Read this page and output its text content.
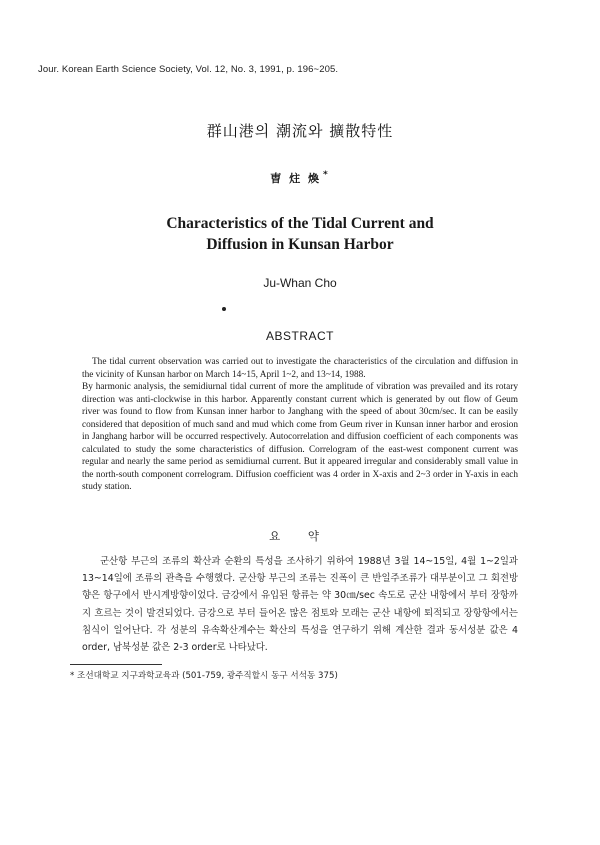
Jour. Korean Earth Science Society, Vol. 12, No. 3, 1991, p. 196~205.
群山港의 潮流와 擴散特性
曺 炷 煥 *
Characteristics of the Tidal Current and
Diffusion in Kunsan Harbor
Ju-Whan Cho
ABSTRACT

The tidal current observation was carried out to investigate the characteristics of the circulation and diffusion in the vicinity of Kunsan harbor on March 14~15, April 1~2, and 13~14, 1988.

By harmonic analysis, the semidiurnal tidal current of more the amplitude of vibration was prevailed and its rotary direction was anti-clockwise in this harbor. Apparently constant current which is generated by out flow of Geum river was found to flow from Kunsan inner harbor to Janghang with the speed of about 30cm/sec. It can be easily considered that deposition of much sand and mud which come from Geum river in Kunsan inner harbor and erosion in Janghang harbor will be occurred respectively. Autocorrelation and diffusion coefficient of each components was calculated to study the some characteristics of diffusion. Correlogram of the east-west component current was regular and nearly the same period as semidiurnal current. But it appeared irregular and considerably small value in the north-south component correlogram. Diffusion coefficient was 4 order in X-axis and 2~3 order in Y-axis in each study station.

요 약

군산항 부근의 조류의 확산과 순환의 특성을 조사하기 위하여 1988년 3월 14~15일, 4월 1~2일과 13~14일에 조류의 관측을 수행했다. 군산항 부근의 조류는 진폭이 큰 반일주조류가 대부분이고 그 회전방향은 항구에서 반시계방향이었다. 금강에서 유입된 항류는 약 30㎝/sec 속도로 군산 내항에서 부터 장항까지 흐르는 것이 발견되었다. 금강으로 부터 들어온 많은 점토와 모래는 군산 내항에 퇴적되고 장항항에서는 침식이 일어난다. 각 성분의 유속확산계수는 확산의 특성을 연구하기 위해 계산한 결과 동서성분 값은 4 order, 남북성분 값은 2-3 order로 나타났다.

* 조선대학교 지구과학교육과 (501-759, 광주직할시 동구 서석동 375)
